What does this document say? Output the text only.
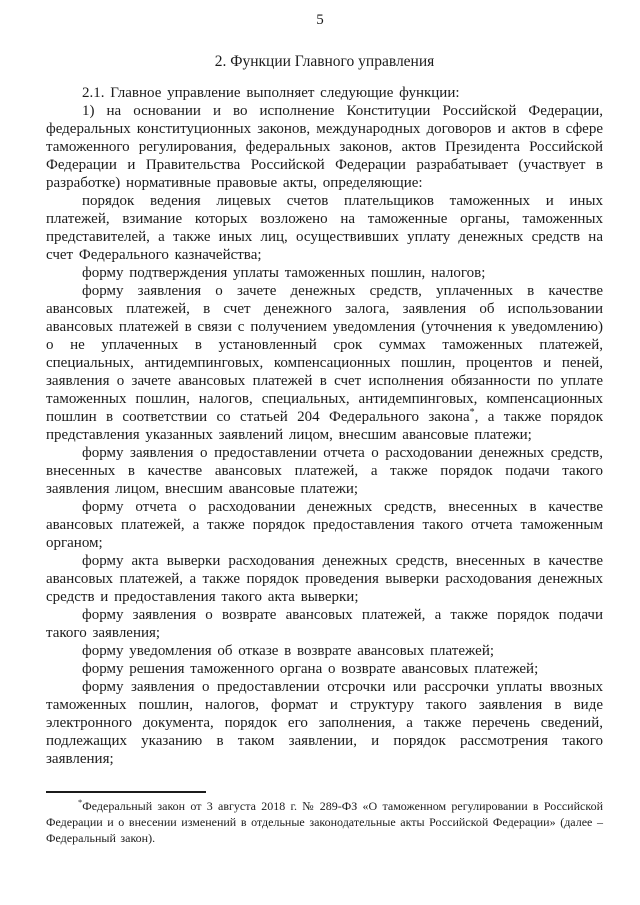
5
2. Функции Главного управления

2.1. Главное управление выполняет следующие функции:

1) на основании и во исполнение Конституции Российской Федерации, федеральных конституционных законов, международных договоров и актов в сфере таможенного регулирования, федеральных законов, актов Президента Российской Федерации и Правительства Российской Федерации разрабатывает (участвует в разработке) нормативные правовые акты, определяющие:

порядок ведения лицевых счетов плательщиков таможенных и иных платежей, взимание которых возложено на таможенные органы, таможенных представителей, а также иных лиц, осуществивших уплату денежных средств на счет Федерального казначейства;

форму подтверждения уплаты таможенных пошлин, налогов;

форму заявления о зачете денежных средств, уплаченных в качестве авансовых платежей, в счет денежного залога, заявления об использовании авансовых платежей в связи с получением уведомления (уточнения к уведомлению) о не уплаченных в установленный срок суммах таможенных платежей, специальных, антидемпинговых, компенсационных пошлин, процентов и пеней, заявления о зачете авансовых платежей в счет исполнения обязанности по уплате таможенных пошлин, налогов, специальных, антидемпинговых, компенсационных пошлин в соответствии со статьей 204 Федерального закона*, а также порядок представления указанных заявлений лицом, внесшим авансовые платежи;

форму заявления о предоставлении отчета о расходовании денежных средств, внесенных в качестве авансовых платежей, а также порядок подачи такого заявления лицом, внесшим авансовые платежи;

форму отчета о расходовании денежных средств, внесенных в качестве авансовых платежей, а также порядок предоставления такого отчета таможенным органом;

форму акта выверки расходования денежных средств, внесенных в качестве авансовых платежей, а также порядок проведения выверки расходования денежных средств и предоставления такого акта выверки;

форму заявления о возврате авансовых платежей, а также порядок подачи такого заявления;

форму уведомления об отказе в возврате авансовых платежей;

форму решения таможенного органа о возврате авансовых платежей;

форму заявления о предоставлении отсрочки или рассрочки уплаты ввозных таможенных пошлин, налогов, формат и структуру такого заявления в виде электронного документа, порядок его заполнения, а также перечень сведений, подлежащих указанию в таком заявлении, и порядок рассмотрения такого заявления;

*Федеральный закон от 3 августа 2018 г. № 289-ФЗ «О таможенном регулировании в Российской Федерации и о внесении изменений в отдельные законодательные акты Российской Федерации» (далее – Федеральный закон).
